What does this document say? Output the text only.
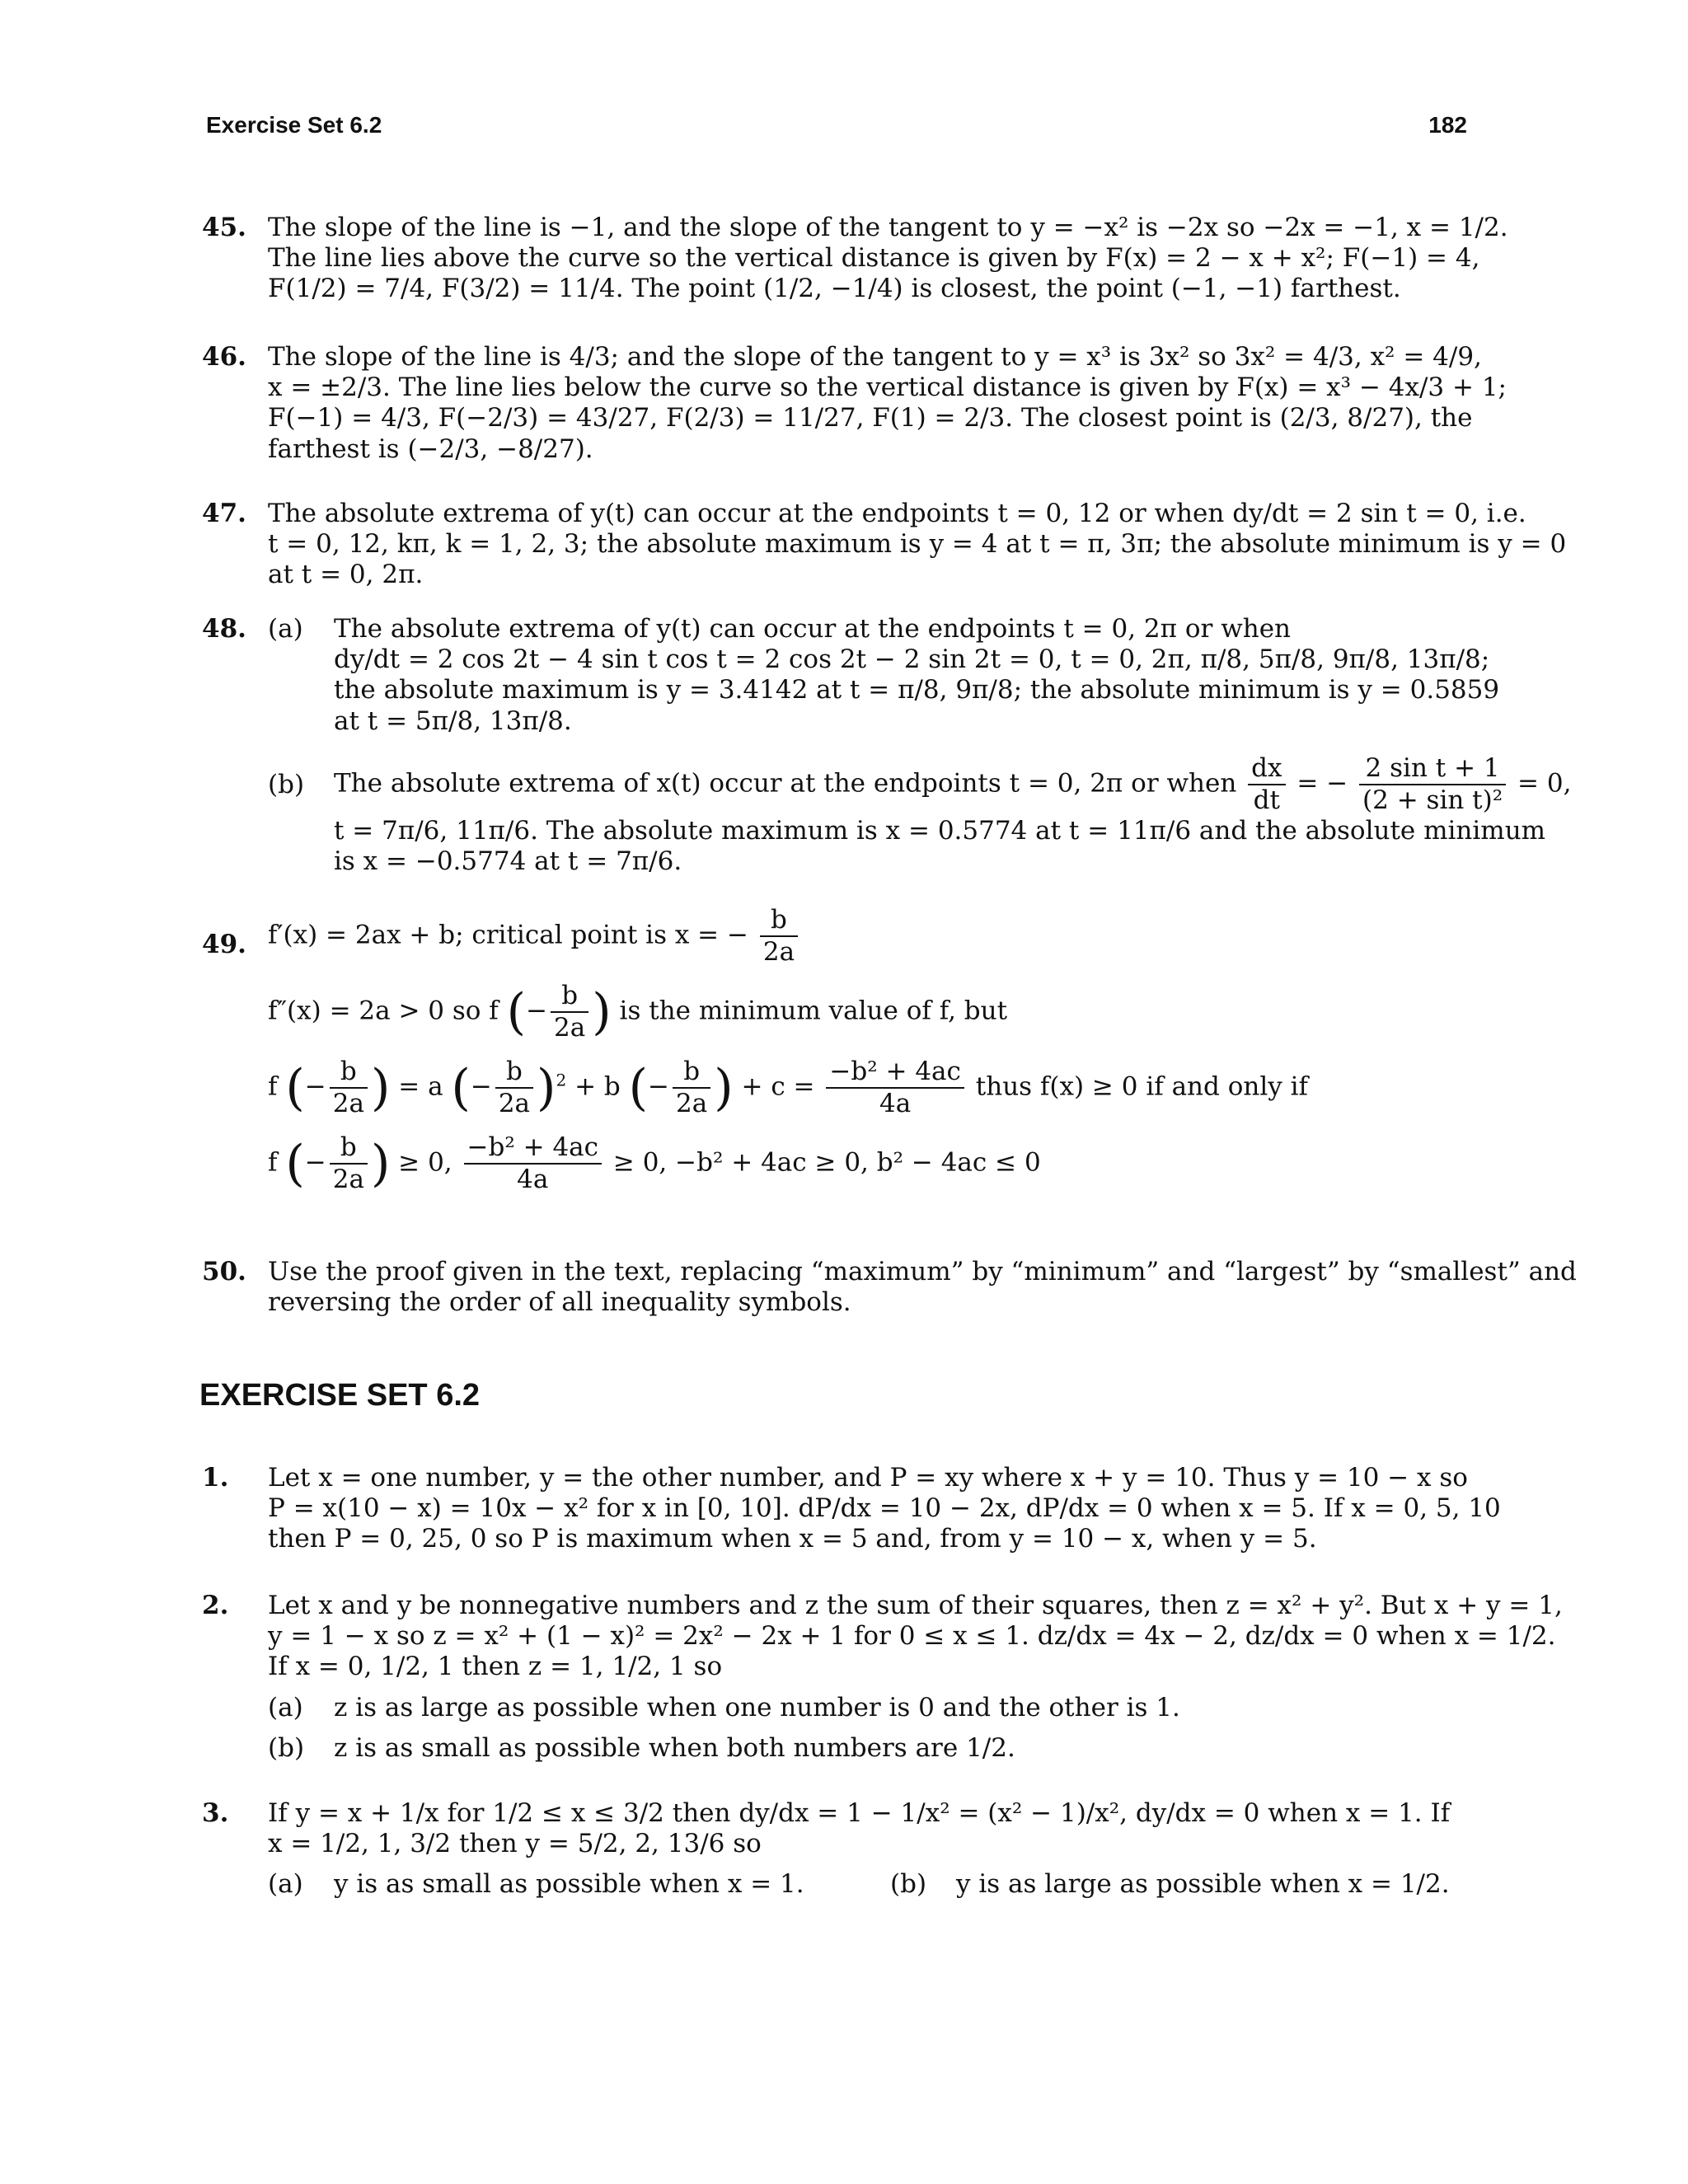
Exercise Set 6.2	182
45. The slope of the line is −1, and the slope of the tangent to y = −x² is −2x so −2x = −1, x = 1/2.
The line lies above the curve so the vertical distance is given by F(x) = 2 − x + x²; F(−1) = 4,
F(1/2) = 7/4, F(3/2) = 11/4. The point (1/2, −1/4) is closest, the point (−1, −1) farthest.
46. The slope of the line is 4/3; and the slope of the tangent to y = x³ is 3x² so 3x² = 4/3, x² = 4/9,
x = ±2/3. The line lies below the curve so the vertical distance is given by F(x) = x³ − 4x/3 + 1;
F(−1) = 4/3, F(−2/3) = 43/27, F(2/3) = 11/27, F(1) = 2/3. The closest point is (2/3, 8/27), the
farthest is (−2/3, −8/27).
47. The absolute extrema of y(t) can occur at the endpoints t = 0, 12 or when dy/dt = 2 sin t = 0, i.e.
t = 0, 12, kπ, k = 1, 2, 3; the absolute maximum is y = 4 at t = π, 3π; the absolute minimum is y = 0
at t = 0, 2π.
48. (a) The absolute extrema of y(t) can occur at the endpoints t = 0, 2π or when
dy/dt = 2 cos 2t − 4 sin t cos t = 2 cos 2t − 2 sin 2t = 0, t = 0, 2π, π/8, 5π/8, 9π/8, 13π/8;
the absolute maximum is y = 3.4142 at t = π/8, 9π/8; the absolute minimum is y = 0.5859
at t = 5π/8, 13π/8.
(b) The absolute extrema of x(t) occur at the endpoints t = 0, 2π or when $\frac{dx}{dt}$ = − $\frac{\text{2 sin t + 1}}{\text{(2 + sin t)²}} = 0$,
t = 7π/6, 11π/6. The absolute maximum is x = 0.5774 at t = 11π/6 and the absolute minimum
is x = −0.5774 at t = 7π/6.
49. f′(x) = 2ax + b; critical point is x = − $\frac{b}{2a}$
f″(x) = 2a > 0 so f (− $\frac{b}{2a}$ ) is the minimum value of f, but
f (− $\frac{b}{2a}$ ) = a (− $\frac{b}{2a} )^2 + b$ (− $\frac{b}{2a}$ ) + $c = \frac{\text{−b² + 4ac}}{4a}$ thus f(x) ≥ 0 if and only if
f (− $\frac{b}{2a}$ ) ≥ 0, $\frac{\text{−b² + 4ac}}{4a} \ge 0$, −b² + 4ac ≥ 0, b² − 4ac ≤ 0
50. Use the proof given in the text, replacing “maximum” by “minimum” and “largest” by “smallest” and
reversing the order of all inequality symbols.
EXERCISE SET 6.2
1. Let x = one number, y = the other number, and P = xy where x + y = 10. Thus y = 10 − x so
P = x(10 − x) = 10x − x² for x in [0, 10]. dP/dx = 10 − 2x, dP/dx = 0 when x = 5. If x = 0, 5, 10
then P = 0, 25, 0 so P is maximum when x = 5 and, from y = 10 − x, when y = 5.
2. Let x and y be nonnegative numbers and z the sum of their squares, then z = x² + y². But x + y = 1,
y = 1 − x so z = x² + (1 − x)² = 2x² − 2x + 1 for 0 ≤ x ≤ 1. dz/dx = 4x − 2, dz/dx = 0 when x = 1/2.
If x = 0, 1/2, 1 then z = 1, 1/2, 1 so
(a) z is as large as possible when one number is 0 and the other is 1.
(b) z is as small as possible when both numbers are 1/2.
3. If y = x + 1/x for 1/2 ≤ x ≤ 3/2 then dy/dx = 1 − 1/x² = (x² − 1)/x², dy/dx = 0 when x = 1. If
x = 1/2, 1, 3/2 then y = 5/2, 2, 13/6 so
(a) y is as small as possible when x = 1.	(b) y is as large as possible when x = 1/2.
